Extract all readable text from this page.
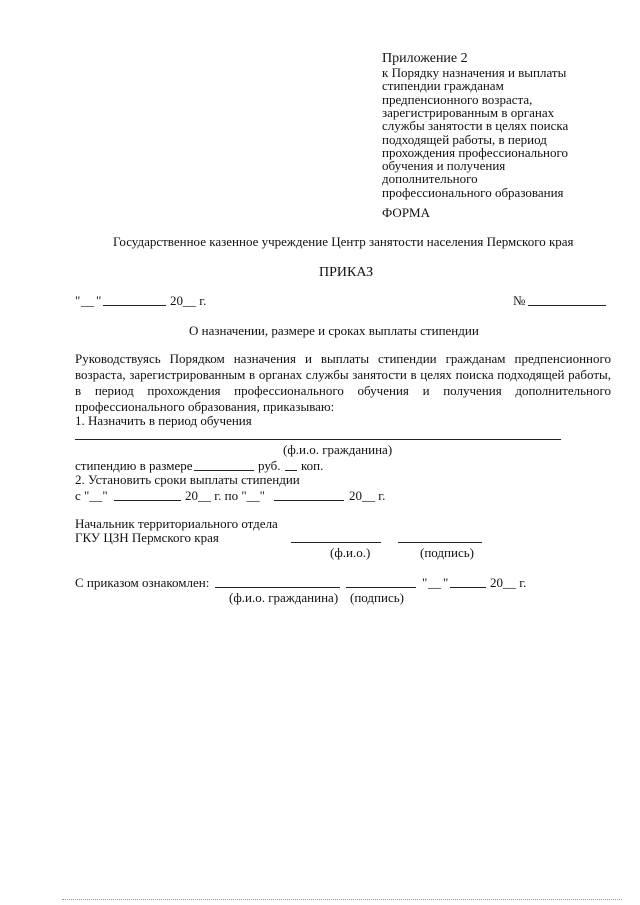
Приложение 2
к Порядку назначения и выплаты
стипендии гражданам
предпенсионного возраста,
зарегистрированным в органах
службы занятости в целях поиска
подходящей работы, в период
прохождения профессионального
обучения и получения
дополнительного
профессионального образования
ФОРМА
Государственное казенное учреждение Центр занятости населения Пермского края
ПРИКАЗ
" __ "	20__ г.	№
О назначении, размере и сроках выплаты стипендии
Руководствуясь Порядком назначения и выплаты стипендии гражданам предпенсионного
возраста, зарегистрированным в органах службы занятости в целях поиска подходящей работы,
в период прохождения профессионального обучения и получения дополнительного
профессионального образования, приказываю:
1. Назначить в период обучения
(ф.и.о. гражданина)
стипендию в размере	руб. коп.
2. Установить сроки выплаты стипендии
с "__"	20__ г. по "__"	20__ г.
Начальник территориального отдела
ГКУ ЦЗН Пермского края
(ф.и.о.)	(подпись)
С приказом ознакомлен:	" __ "	20__ г.
(ф.и.о. гражданина) (подпись)
